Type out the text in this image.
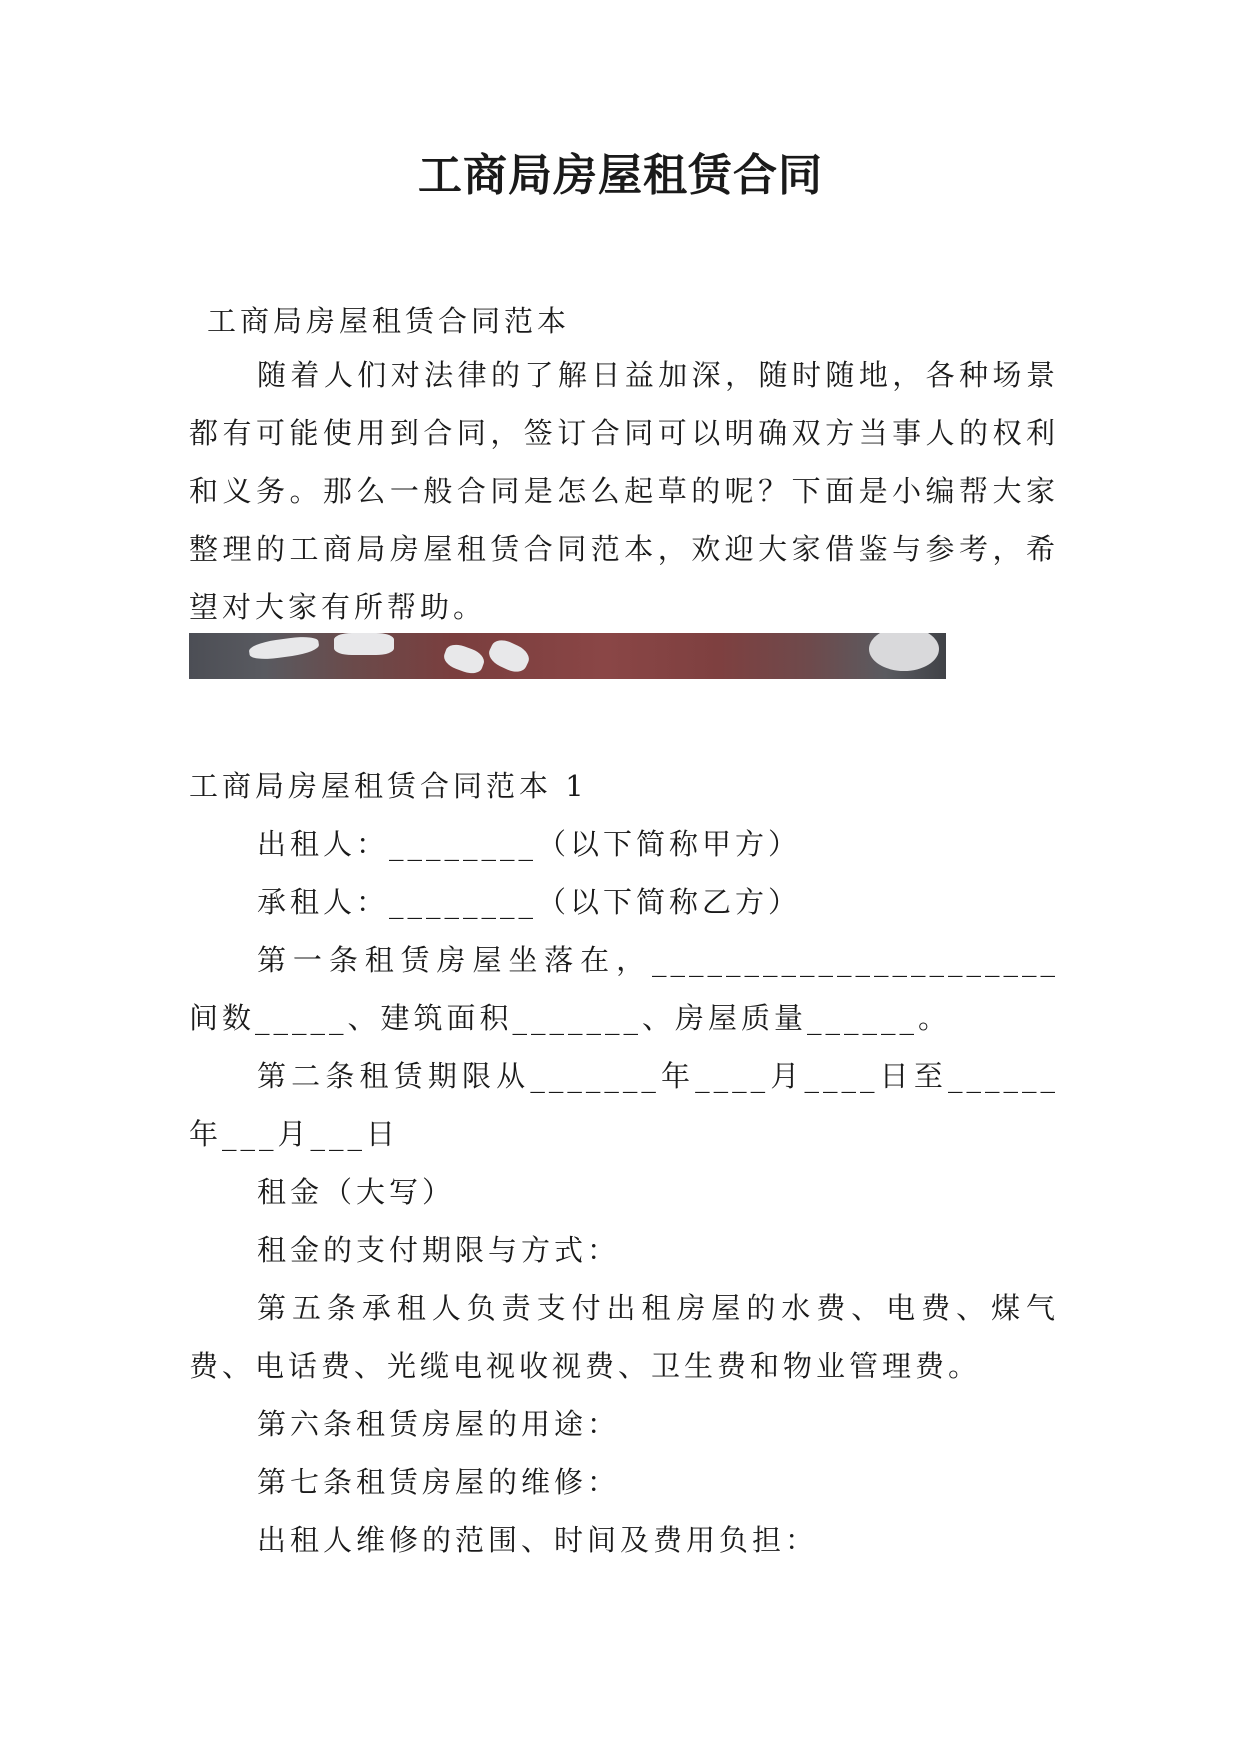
工商局房屋租赁合同
工商局房屋租赁合同范本

随着人们对法律的了解日益加深，随时随地，各种场景都有可能使用到合同，签订合同可以明确双方当事人的权利和义务。那么一般合同是怎么起草的呢？下面是小编帮大家整理的工商局房屋租赁合同范本，欢迎大家借鉴与参考，希望对大家有所帮助。

工商局房屋租赁合同范本 1

出租人：________（以下简称甲方）

承租人：________（以下简称乙方）

第一条租赁房屋坐落在，______________________间数_____、建筑面积_______、房屋质量______。

第二条租赁期限从_______年____月____日至______年___月___日

租金（大写）

租金的支付期限与方式：

第五条承租人负责支付出租房屋的水费、电费、煤气费、电话费、光缆电视收视费、卫生费和物业管理费。

第六条租赁房屋的用途：

第七条租赁房屋的维修：

出租人维修的范围、时间及费用负担：
